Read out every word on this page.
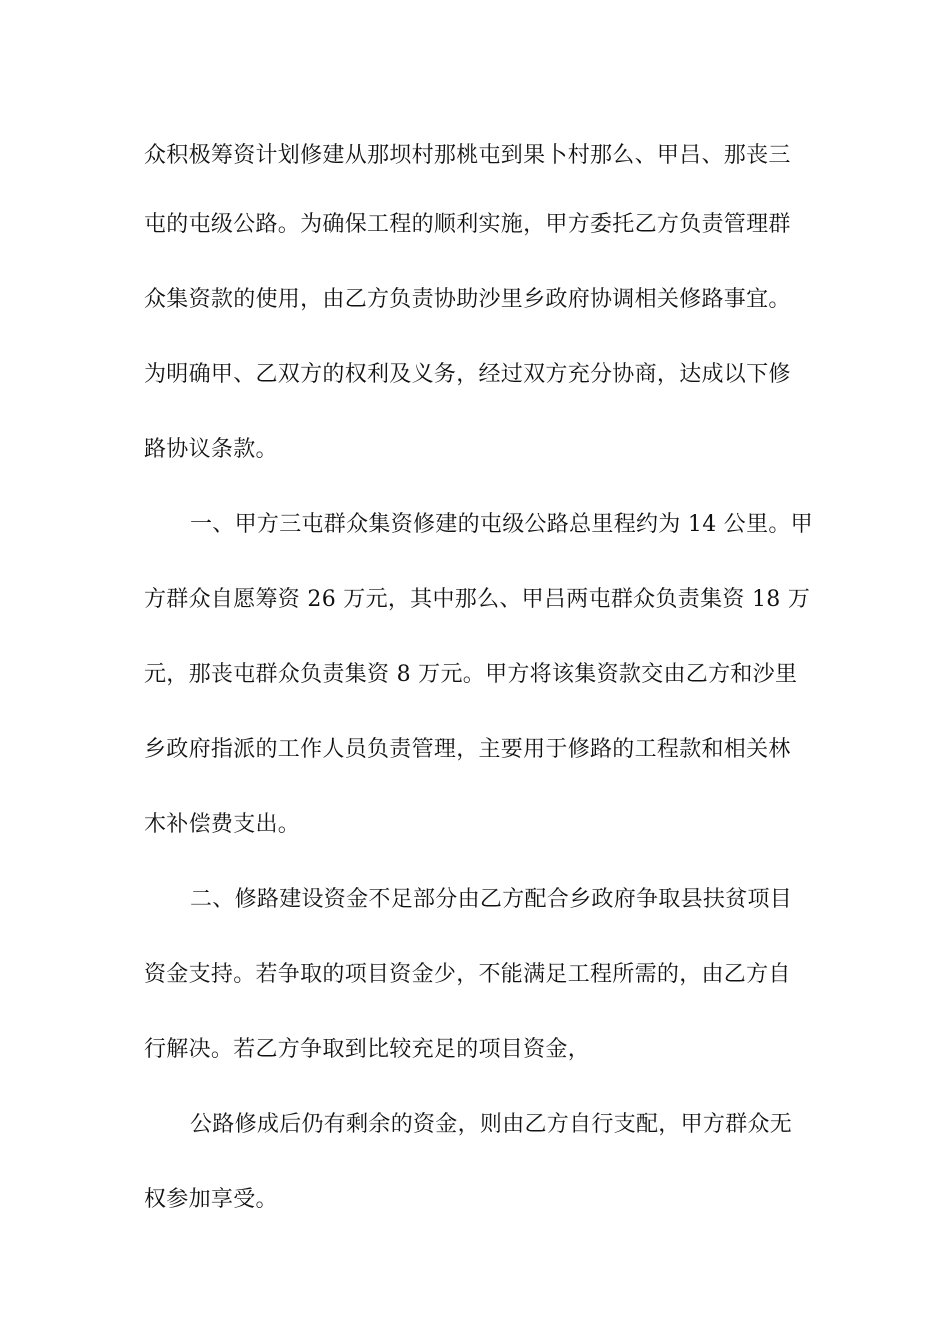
众积极筹资计划修建从那坝村那桃屯到果卜村那么、甲吕、那丧三
屯的屯级公路。为确保工程的顺利实施，甲方委托乙方负责管理群
众集资款的使用，由乙方负责协助沙里乡政府协调相关修路事宜。
为明确甲、乙双方的权利及义务，经过双方充分协商，达成以下修
路协议条款。
一、甲方三屯群众集资修建的屯级公路总里程约为 14 公里。甲
方群众自愿筹资 26 万元，其中那么、甲吕两屯群众负责集资 18 万
元，那丧屯群众负责集资 8 万元。甲方将该集资款交由乙方和沙里
乡政府指派的工作人员负责管理，主要用于修路的工程款和相关林
木补偿费支出。
二、修路建设资金不足部分由乙方配合乡政府争取县扶贫项目
资金支持。若争取的项目资金少，不能满足工程所需的，由乙方自
行解决。若乙方争取到比较充足的项目资金，
公路修成后仍有剩余的资金，则由乙方自行支配，甲方群众无
权参加享受。
